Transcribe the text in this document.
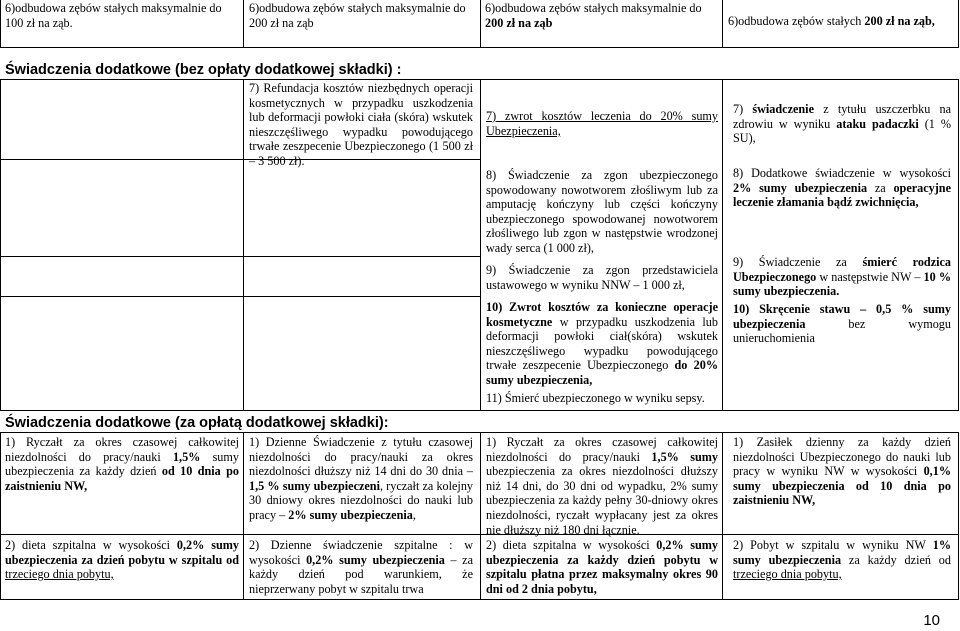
6)odbudowa zębów stałych maksymalnie do 100 zł na ząb.

6)odbudowa zębów stałych maksymalnie do 200 zł na ząb

6)odbudowa zębów stałych maksymalnie do 200 zł na ząb	6)odbudowa zębów stałych 200 zł na ząb,

Świadczenia dodatkowe (bez opłaty dodatkowej składki) :

7) Refundacja kosztów niezbędnych operacji kosmetycznych w przypadku uszkodzenia lub deformacji powłoki ciała (skóra) wskutek nieszczęśliwego wypadku powodującego trwałe zeszpecenie Ubezpieczonego (1 500 zł – 3 500 zł).

7) zwrot kosztów leczenia do 20% sumy Ubezpieczenia,

8) Świadczenie za zgon ubezpieczonego spowodowany nowotworem złośliwym lub za amputację kończyny lub części kończyny ubezpieczonego spowodowanej nowotworem złośliwego lub zgon w następstwie wrodzonej wady serca (1 000 zł),

9) Świadczenie za zgon przedstawiciela ustawowego w wyniku NNW – 1 000 zł,

10) Zwrot kosztów za konieczne operacje kosmetyczne w przypadku uszkodzenia lub deformacji powłoki ciał(skóra) wskutek nieszczęśliwego wypadku powodującego trwałe zeszpecenie Ubezpieczonego do 20% sumy ubezpieczenia,

11) Śmierć ubezpieczonego w wyniku sepsy.

7) świadczenie z tytułu uszczerbku na zdrowiu w wyniku ataku padaczki (1 % SU),

8) Dodatkowe świadczenie w wysokości 2% sumy ubezpieczenia za operacyjne leczenie złamania bądź zwichnięcia,

9) Świadczenie za śmierć rodzica Ubezpieczonego w następstwie NW – 10 % sumy ubezpieczenia.

10) Skręcenie stawu – 0,5 % sumy ubezpieczenia bez wymogu unieruchomienia

Świadczenia dodatkowe (za opłatą dodatkowej składki):

1) Ryczałt za okres czasowej całkowitej niezdolności do pracy/nauki 1,5% sumy ubezpieczenia za każdy dzień od 10 dnia po zaistnieniu NW,

2) dieta szpitalna w wysokości 0,2% sumy ubezpieczenia za dzień pobytu w szpitalu od trzeciego dnia pobytu,

1) Dzienne Świadczenie z tytułu czasowej niezdolności do pracy/nauki za okres niezdolności dłuższy niż 14 dni do 30 dnia – 1,5 % sumy ubezpieczeni, ryczałt za kolejny 30 dniowy okres niezdolności do nauki lub pracy – 2% sumy ubezpieczenia,

2) Dzienne świadczenie szpitalne : w wysokości 0,2% sumy ubezpieczenia – za każdy dzień pod warunkiem, że nieprzerwany pobyt w szpitalu trwa

1) Ryczałt za okres czasowej całkowitej niezdolności do pracy/nauki 1,5% sumy ubezpieczenia za okres niezdolności dłuższy niż 14 dni, do 30 dni od wypadku, 2% sumy ubezpieczenia za każdy pełny 30-dniowy okres niezdolności, ryczałt wypłacany jest za okres nie dłuższy niż 180 dni łącznie.

2) dieta szpitalna w wysokości 0,2% sumy ubezpieczenia za każdy dzień pobytu w szpitalu płatna przez maksymalny okres 90 dni od 2 dnia pobytu,

1) Zasiłek dzienny za każdy dzień niezdolności Ubezpieczonego do nauki lub pracy w wyniku NW w wysokości 0,1% sumy ubezpieczenia od 10 dnia po zaistnieniu NW,

2) Pobyt w szpitalu w wyniku NW 1% sumy ubezpieczenia za każdy dzień od trzeciego dnia pobytu,

10
